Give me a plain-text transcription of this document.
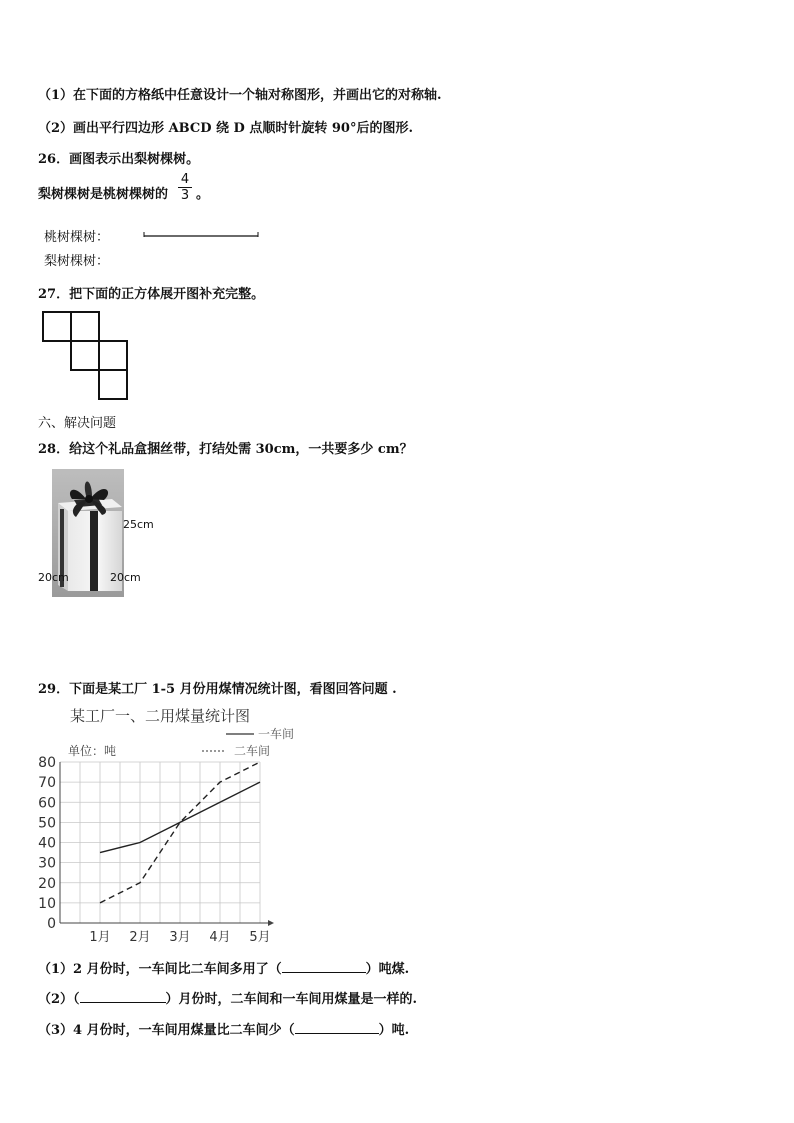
（1）在下面的方格纸中任意设计一个轴对称图形，并画出它的对称轴.
（2）画出平行四边形 ABCD 绕 D 点顺时针旋转 90°后的图形.
26．画图表示出梨树棵树。
梨树棵树是桃树棵树的 $\frac{4}{3}$ 。
桃树棵树：
梨树棵树：
27．把下面的正方体展开图补充完整。
六、解决问题
28．给这个礼品盒捆丝带，打结处需 30cm，一共要多少 cm？
25cm
20cm	20cm
29．下面是某工厂 1-5 月份用煤情况统计图，看图回答问题 .
某工厂一、二用煤量统计图
一车间
二车间
单位：吨
0
10
20
30
40
50
60
70
80
1月 2月 3月 4月 5月
（1）2 月份时，一车间比二车间多用了（	）吨煤.
（2）（	）月份时，二车间和一车间用煤量是一样的.
（3）4 月份时，一车间用煤量比二车间少（	）吨.
